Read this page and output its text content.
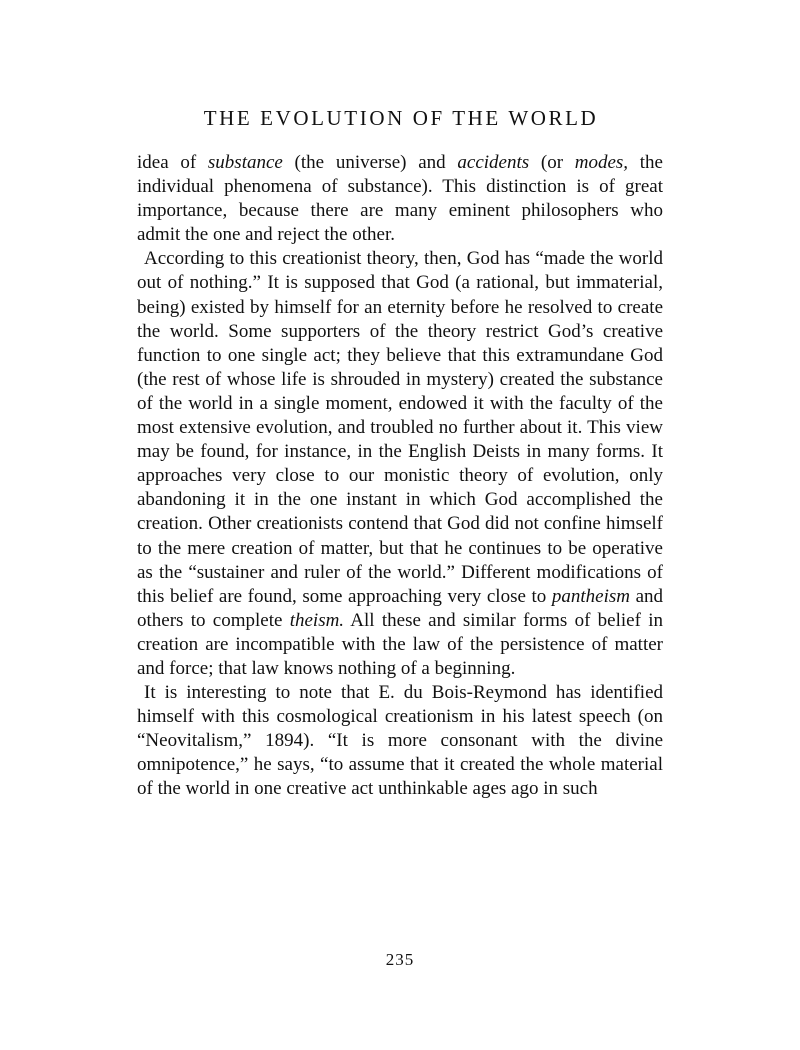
THE EVOLUTION OF THE WORLD

idea of substance (the universe) and accidents (or modes, the individual phenomena of substance). This distinction is of great importance, because there are many eminent philosophers who admit the one and reject the other.

According to this creationist theory, then, God has “made the world out of nothing.” It is supposed that God (a rational, but immaterial, being) existed by himself for an eternity before he resolved to create the world. Some supporters of the theory restrict God’s creative function to one single act; they believe that this extramundane God (the rest of whose life is shrouded in mystery) created the substance of the world in a single moment, endowed it with the faculty of the most extensive evolution, and troubled no further about it. This view may be found, for instance, in the English Deists in many forms. It approaches very close to our monistic theory of evolution, only abandoning it in the one instant in which God accomplished the creation. Other creationists contend that God did not confine himself to the mere creation of matter, but that he continues to be operative as the “sustainer and ruler of the world.” Different modifications of this belief are found, some approaching very close to pantheism and others to complete theism. All these and similar forms of belief in creation are incompatible with the law of the persistence of matter and force; that law knows nothing of a beginning.

It is interesting to note that E. du Bois-Reymond has identified himself with this cosmological creationism in his latest speech (on “Neovitalism,” 1894). “It is more consonant with the divine omnipotence,” he says, “to assume that it created the whole material of the world in one creative act unthinkable ages ago in such

235
